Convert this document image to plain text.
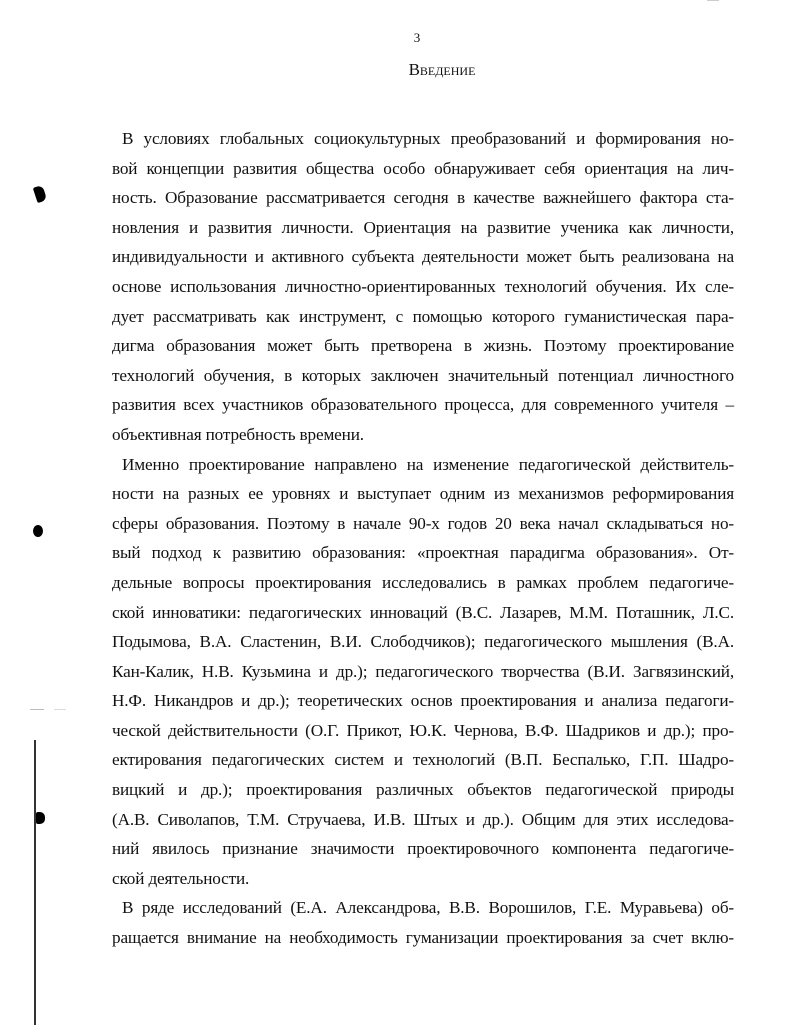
3
Введение
В условиях глобальных социокультурных преобразований и формирования но-
вой концепции развития общества особо обнаруживает себя ориентация на лич-
ность. Образование рассматривается сегодня в качестве важнейшего фактора ста-
новления и развития личности. Ориентация на развитие ученика как личности,
индивидуальности и активного субъекта деятельности может быть реализована на
основе использования личностно-ориентированных технологий обучения. Их сле-
дует рассматривать как инструмент, с помощью которого гуманистическая пара-
дигма образования может быть претворена в жизнь. Поэтому проектирование
технологий обучения, в которых заключен значительный потенциал личностного
развития всех участников образовательного процесса, для современного учителя –
объективная потребность времени.
Именно проектирование направлено на изменение педагогической действитель-
ности на разных ее уровнях и выступает одним из механизмов реформирования
сферы образования. Поэтому в начале 90-х годов 20 века начал складываться но-
вый подход к развитию образования: «проектная парадигма образования». От-
дельные вопросы проектирования исследовались в рамках проблем педагогиче-
ской инноватики: педагогических инноваций (В.С. Лазарев, М.М. Поташник, Л.С.
Подымова, В.А. Сластенин, В.И. Слободчиков); педагогического мышления (В.А.
Кан-Калик, Н.В. Кузьмина и др.); педагогического творчества (В.И. Загвязинский,
Н.Ф. Никандров и др.); теоретических основ проектирования и анализа педагоги-
ческой действительности (О.Г. Прикот, Ю.К. Чернова, В.Ф. Шадриков и др.); про-
ектирования педагогических систем и технологий (В.П. Беспалько, Г.П. Шадро-
вицкий и др.); проектирования различных объектов педагогической природы
(А.В. Сиволапов, Т.М. Стручаева, И.В. Штых и др.). Общим для этих исследова-
ний явилось признание значимости проектировочного компонента педагогиче-
ской деятельности.
В ряде исследований (Е.А. Александрова, В.В. Ворошилов, Г.Е. Муравьева) об-
ращается внимание на необходимость гуманизации проектирования за счет вклю-
